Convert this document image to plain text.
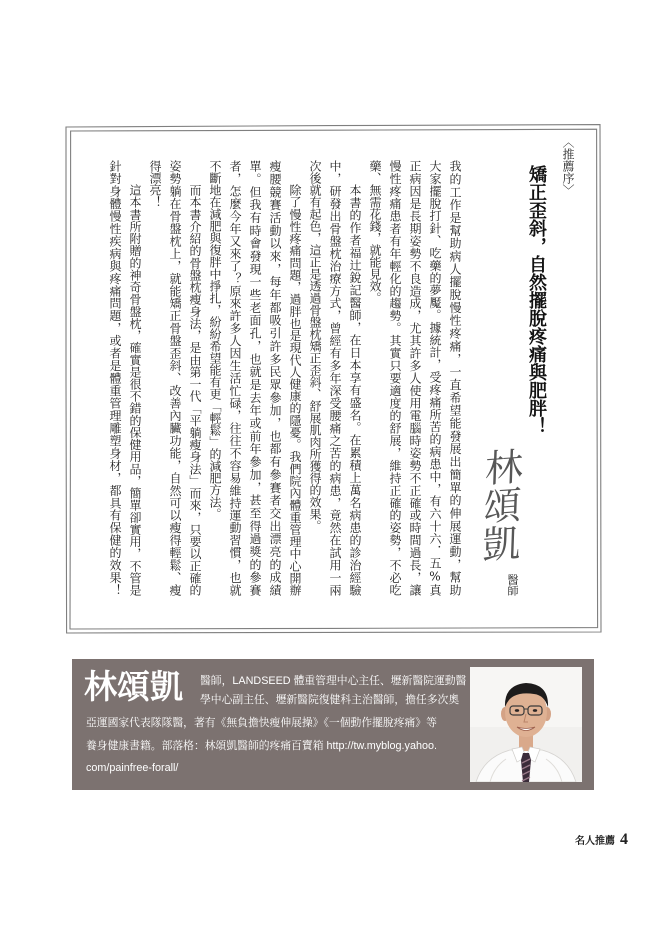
〈推薦序〉
矯正歪斜，自然擺脫疼痛與肥胖！
林頌凱
醫師
我的工作是幫助病人擺脫慢性疼痛，一直希望能發展出簡單的伸展運動，幫助
大家擺脫打針、吃藥的夢魘。據統計，受疼痛所苦的病患中，有六十六．五%真
正病因是長期姿勢不良造成，尤其許多人使用電腦時姿勢不正確或時間過長，讓
慢性疼痛患者有年輕化的趨勢。其實只要適度的舒展，維持正確的姿勢，不必吃
藥、無需花錢，就能見效。
本書的作者福辻銳記醫師，在日本享有盛名。在累積上萬名病患的診治經驗
中，研發出骨盤枕治療方式，曾經有多年深受腰痛之苦的病患，竟然在試用一兩
次後就有起色，這正是透過骨盤枕矯正歪斜、舒展肌肉所獲得的效果。
除了慢性疼痛問題，過胖也是現代人健康的隱憂。我們院內體重管理中心開辦
瘦腰競賽活動以來，每年都吸引許多民眾參加，也都有參賽者交出漂亮的成績
單。但我有時會發現一些老面孔，也就是去年或前年參加，甚至得過獎的參賽
者，怎麼今年又來了？原來許多人因生活忙碌，往往不容易維持運動習慣，也就
不斷地在減肥與復胖中掙扎，紛紛希望能有更「輕鬆」的減肥方法。
而本書介紹的骨盤枕瘦身法，是由第一代「平躺瘦身法」而來，只要以正確的
姿勢躺在骨盤枕上，就能矯正骨盤歪斜、改善內臟功能，自然可以瘦得輕鬆、瘦
得漂亮！
這本書所附贈的神奇骨盤枕，確實是很不錯的保健用品，簡單卻實用，不管是
針對身體慢性疾病與疼痛問題，或者是體重管理雕塑身材，都具有保健的效果！
林頌凱 醫師，LANDSEED 體重管理中心主任、壢新醫院運動醫
學中心副主任、壢新醫院復健科主治醫師，擔任多次奧
亞運國家代表隊隊醫，著有《無負擔快瘦伸展操》《一個動作擺脫疼痛》等
養身健康書籍。部落格：林頌凱醫師的疼痛百寶箱 http://tw.myblog.yahoo.
com/painfree-forall/
名人推薦 4
